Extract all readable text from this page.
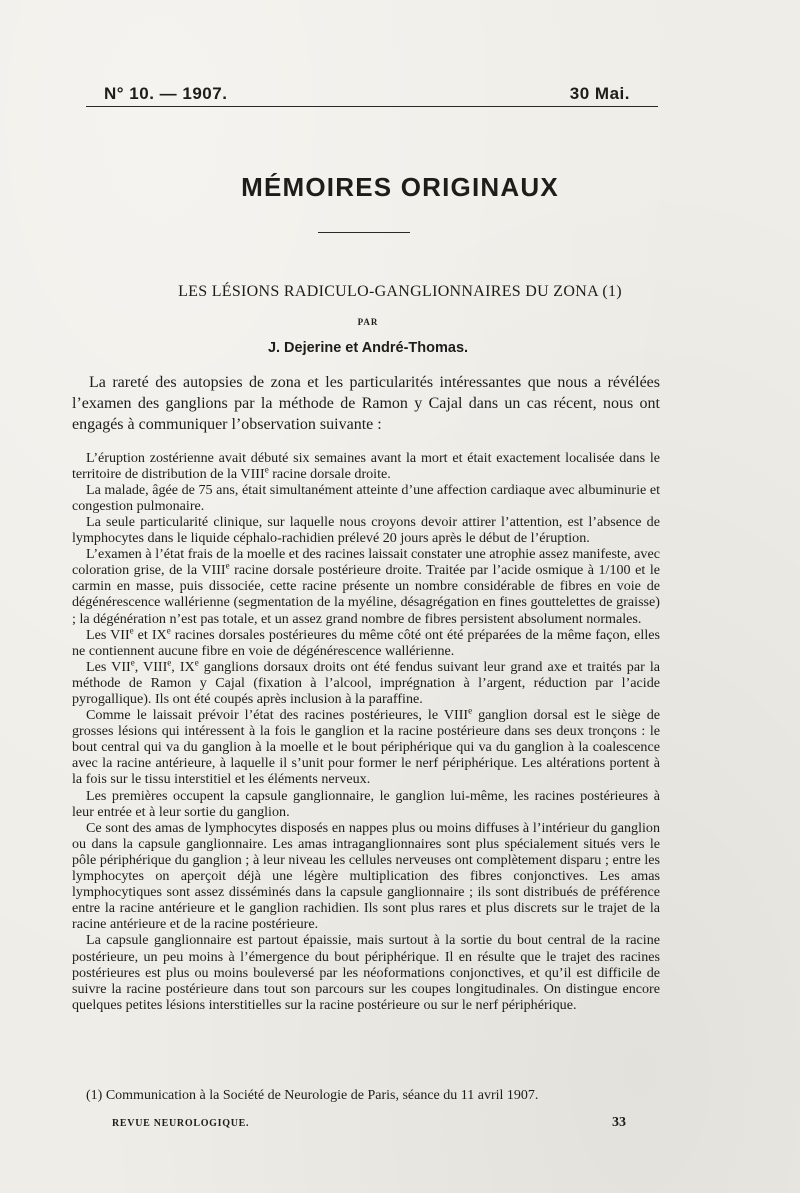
N° 10. — 1907.	30 Mai.
MÉMOIRES ORIGINAUX
LES LÉSIONS RADICULO-GANGLIONNAIRES DU ZONA (1)
PAR
J. Dejerine et André-Thomas.

La rareté des autopsies de zona et les particularités intéressantes que nous a révélées l’examen des ganglions par la méthode de Ramon y Cajal dans un cas récent, nous ont engagés à communiquer l’observation suivante :

L’éruption zostérienne avait débuté six semaines avant la mort et était exactement localisée dans le territoire de distribution de la VIIIe racine dorsale droite.

La malade, âgée de 75 ans, était simultanément atteinte d’une affection cardiaque avec albuminurie et congestion pulmonaire.

La seule particularité clinique, sur laquelle nous croyons devoir attirer l’attention, est l’absence de lymphocytes dans le liquide céphalo-rachidien prélevé 20 jours après le début de l’éruption.

L’examen à l’état frais de la moelle et des racines laissait constater une atrophie assez manifeste, avec coloration grise, de la VIIIe racine dorsale postérieure droite. Traitée par l’acide osmique à 1/100 et le carmin en masse, puis dissociée, cette racine présente un nombre considérable de fibres en voie de dégénérescence wallérienne (segmentation de la myéline, désagrégation en fines gouttelettes de graisse) ; la dégénération n’est pas totale, et un assez grand nombre de fibres persistent absolument normales.

Les VIIe et IXe racines dorsales postérieures du même côté ont été préparées de la même façon, elles ne contiennent aucune fibre en voie de dégénérescence wallérienne.

Les VIIe, VIIIe, IXe ganglions dorsaux droits ont été fendus suivant leur grand axe et traités par la méthode de Ramon y Cajal (fixation à l’alcool, imprégnation à l’argent, réduction par l’acide pyrogallique). Ils ont été coupés après inclusion à la paraffine.

Comme le laissait prévoir l’état des racines postérieures, le VIIIe ganglion dorsal est le siège de grosses lésions qui intéressent à la fois le ganglion et la racine postérieure dans ses deux tronçons : le bout central qui va du ganglion à la moelle et le bout périphérique qui va du ganglion à la coalescence avec la racine antérieure, à laquelle il s’unit pour former le nerf périphérique. Les altérations portent à la fois sur le tissu interstitiel et les éléments nerveux.

Les premières occupent la capsule ganglionnaire, le ganglion lui-même, les racines postérieures à leur entrée et à leur sortie du ganglion.

Ce sont des amas de lymphocytes disposés en nappes plus ou moins diffuses à l’intérieur du ganglion ou dans la capsule ganglionnaire. Les amas intraganglionnaires sont plus spécialement situés vers le pôle périphérique du ganglion ; à leur niveau les cellules nerveuses ont complètement disparu ; entre les lymphocytes on aperçoit déjà une légère multiplication des fibres conjonctives. Les amas lymphocytiques sont assez disséminés dans la capsule ganglionnaire ; ils sont distribués de préférence entre la racine antérieure et le ganglion rachidien. Ils sont plus rares et plus discrets sur le trajet de la racine antérieure et de la racine postérieure.

La capsule ganglionnaire est partout épaissie, mais surtout à la sortie du bout central de la racine postérieure, un peu moins à l’émergence du bout périphérique. Il en résulte que le trajet des racines postérieures est plus ou moins bouleversé par les néoformations conjonctives, et qu’il est difficile de suivre la racine postérieure dans tout son parcours sur les coupes longitudinales. On distingue encore quelques petites lésions interstitielles sur la racine postérieure ou sur le nerf périphérique.

(1) Communication à la Société de Neurologie de Paris, séance du 11 avril 1907.

REVUE NEUROLOGIQUE.	33
